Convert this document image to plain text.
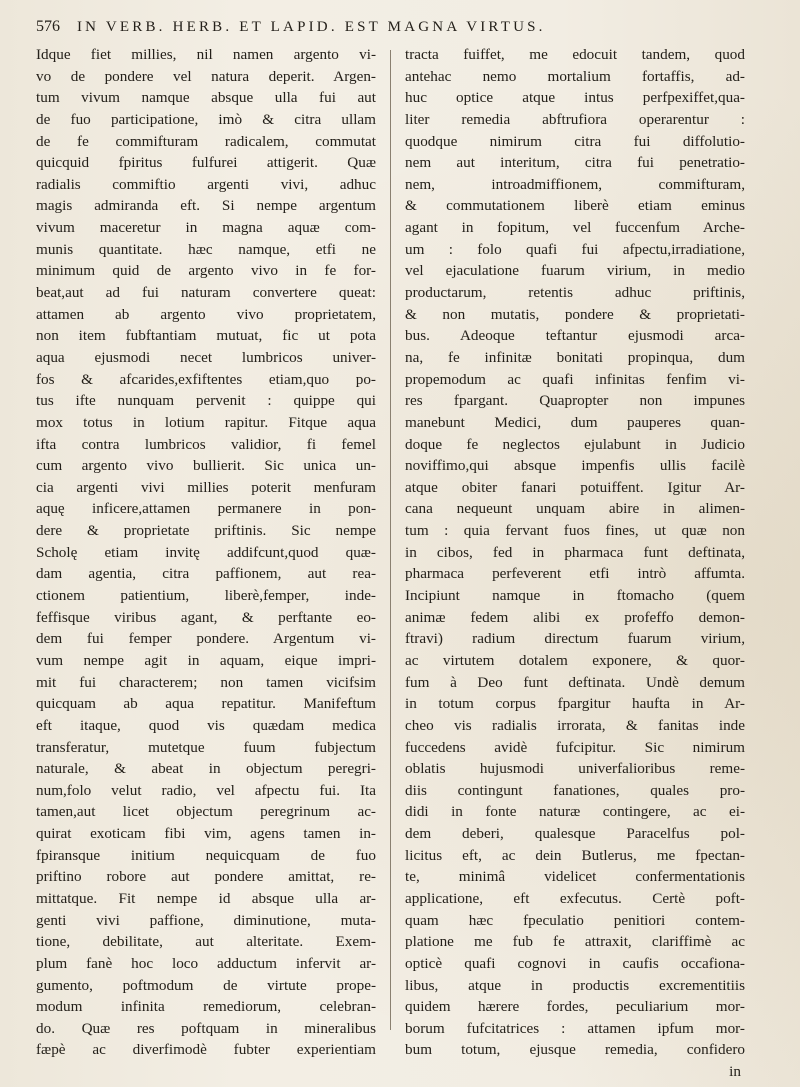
576 IN VERB. HERB. ET LAPID. EST MAGNA VIRTUS.
Idque fiet millies, nil namen argento vi-
vo de pondere vel natura deperit. Argen-
tum vivum namque absque ulla fui aut
de fuo participatione, imò & citra ullam
de fe commifturam radicalem, commutat
quicquid fpiritus fulfurei attigerit. Quæ
radialis commiftio argenti vivi, adhuc
magis admiranda eft. Si nempe argentum
vivum maceretur in magna aquæ com-
munis quantitate. hæc namque, etfi ne
minimum quid de argento vivo in fe for-
beat,aut ad fui naturam convertere queat:
attamen ab argento vivo proprietatem,
non item fubftantiam mutuat, fic ut pota
aqua ejusmodi necet lumbricos univer-
fos & afcarides,exfiftentes etiam,quo po-
tus ifte nunquam pervenit : quippe qui
mox totus in lotium rapitur. Fitque aqua
ifta contra lumbricos validior, fi femel
cum argento vivo bullierit. Sic unica un-
cia argenti vivi millies poterit menfuram
aquę inficere,attamen permanere in pon-
dere & proprietate priftinis. Sic nempe
Scholę etiam invitę addifcunt,quod quæ-
dam agentia, citra paffionem, aut rea-
ctionem patientium, liberè,femper, inde-
feffisque viribus agant, & perftante eo-
dem fui femper pondere. Argentum vi-
vum nempe agit in aquam, eique impri-
mit fui characterem; non tamen vicifsim
quicquam ab aqua repatitur. Manifeftum
eft itaque, quod vis quædam medica
transferatur, mutetque fuum fubjectum
naturale, & abeat in objectum peregri-
num,folo velut radio, vel afpectu fui. Ita
tamen,aut licet objectum peregrinum ac-
quirat exoticam fibi vim, agens tamen in-
fpiransque initium nequicquam de fuo
priftino robore aut pondere amittat, re-
mittatque. Fit nempe id absque ulla ar-
genti vivi paffione, diminutione, muta-
tione, debilitate, aut alteritate. Exem-
plum fanè hoc loco adductum infervit ar-
gumento, poftmodum de virtute prope-
modum infinita remediorum, celebran-
do. Quæ res poftquam in mineralibus
fæpè ac diverfimodè fubter experientiam
tracta fuiffet, me edocuit tandem, quod
antehac nemo mortalium fortaffis, ad-
huc optice atque intus perfpexiffet,qua-
liter remedia abftrufiora operarentur :
quodque nimirum citra fui diffolutio-
nem aut interitum, citra fui penetratio-
nem, introadmiffionem, commifturam,
& commutationem liberè etiam eminus
agant in fopitum, vel fuccenfum Arche-
um : folo quafi fui afpectu,irradiatione,
vel ejaculatione fuarum virium, in medio
productarum, retentis adhuc priftinis,
& non mutatis, pondere & proprietati-
bus. Adeoque teftantur ejusmodi arca-
na, fe infinitæ bonitati propinqua, dum
propemodum ac quafi infinitas fenfim vi-
res fpargant. Quapropter non impunes
manebunt Medici, dum pauperes quan-
doque fe neglectos ejulabunt in Judicio
noviffimo,qui absque impenfis ullis facilè
atque obiter fanari potuiffent. Igitur Ar-
cana nequeunt unquam abire in alimen-
tum : quia fervant fuos fines, ut quæ non
in cibos, fed in pharmaca funt deftinata,
pharmaca perfeverent etfi intrò affumta.
Incipiunt namque in ftomacho (quem
animæ fedem alibi ex profeffo demon-
ftravi) radium directum fuarum virium,
ac virtutem dotalem exponere, & quor-
fum à Deo funt deftinata. Undè demum
in totum corpus fpargitur haufta in Ar-
cheo vis radialis irrorata, & fanitas inde
fuccedens avidè fufcipitur. Sic nimirum
oblatis hujusmodi univerfalioribus reme-
diis contingunt fanationes, quales pro-
didi in fonte naturæ contingere, ac ei-
dem deberi, qualesque Paracelfus pol-
licitus eft, ac dein Butlerus, me fpectan-
te, minimâ videlicet confermentationis
applicatione, eft exfecutus. Certè poft-
quam hæc fpeculatio penitiori contem-
platione me fub fe attraxit, clariffimè ac
opticè quafi cognovi in caufis occafiona-
libus, atque in productis excrementitiis
quidem hærere fordes, peculiarium mor-
borum fufcitatrices : attamen ipfum mor-
bum totum, ejusque remedia, confidero
in
